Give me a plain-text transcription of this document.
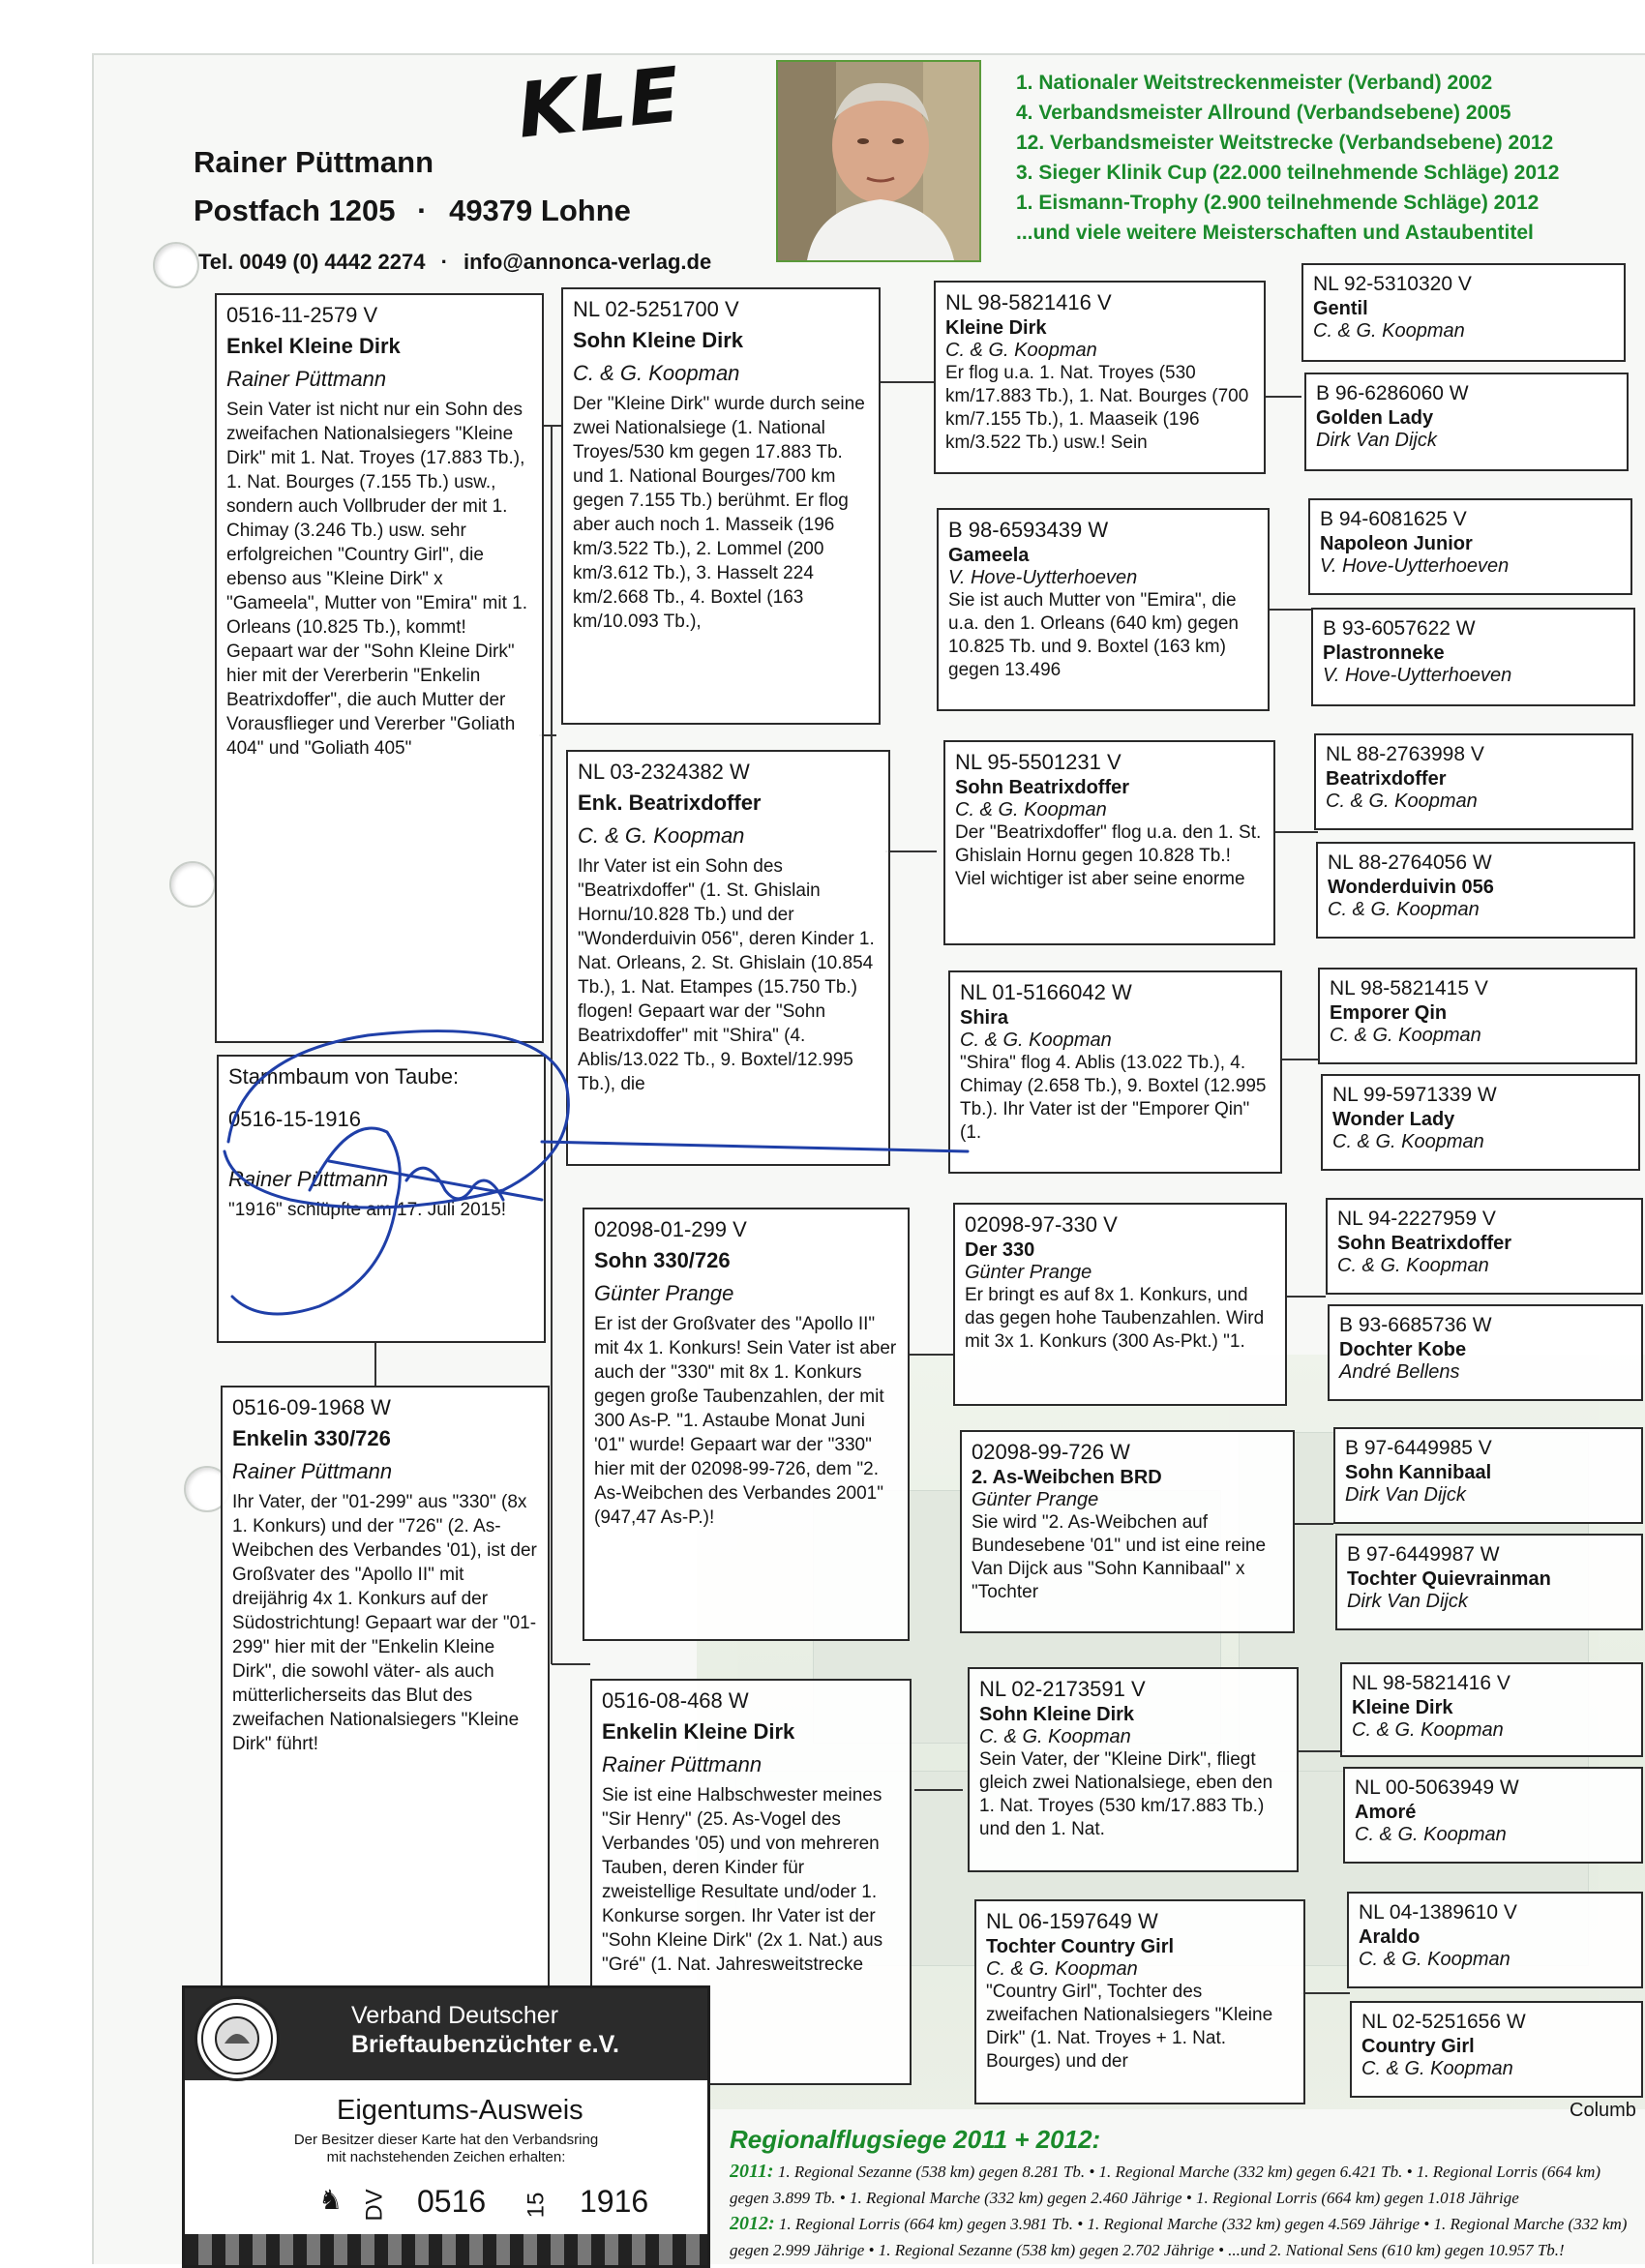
Rainer Püttmann
Postfach 1205 · 49379 Lohne
Tel. 0049 (0) 4442 2274 · info@annonca-verlag.de
KLE	1. Nationaler Weitstreckenmeister (Verband) 2002
4. Verbandsmeister Allround (Verbandsebene) 2005
12. Verbandsmeister Weitstrecke (Verbandsebene) 2012
3. Sieger Klinik Cup (22.000 teilnehmende Schläge) 2012
1. Eismann-Trophy (2.900 teilnehmende Schläge) 2012
...und viele weitere Meisterschaften und Astaubentitel
0516-11-2579 V
Enkel Kleine Dirk
Rainer Püttmann
Sein Vater ist nicht nur ein Sohn des zweifachen Nationalsiegers "Kleine Dirk" mit 1. Nat. Troyes (17.883 Tb.), 1. Nat. Bourges (7.155 Tb.) usw., sondern auch Vollbruder der mit 1. Chimay (3.246 Tb.) usw. sehr erfolgreichen "Country Girl", die ebenso aus "Kleine Dirk" x "Gameela", Mutter von "Emira" mit 1. Orleans (10.825 Tb.), kommt! Gepaart war der "Sohn Kleine Dirk" hier mit der Vererberin "Enkelin Beatrixdoffer", die auch Mutter der Vorausflieger und Vererber "Goliath 404" und "Goliath 405"
Stammbaum von Taube:
0516-15-1916
Rainer Püttmann
"1916" schlüpfte am 17. Juli 2015!
0516-09-1968 W
Enkelin 330/726
Rainer Püttmann
Ihr Vater, der "01-299" aus "330" (8x 1. Konkurs) und der "726" (2. As-Weibchen des Verbandes '01), ist der Großvater des "Apollo II" mit dreijährig 4x 1. Konkurs auf der Südostrichtung! Gepaart war der "01-299" hier mit der "Enkelin Kleine Dirk", die sowohl väter- als auch mütterlicherseits das Blut des zweifachen Nationalsiegers "Kleine Dirk" führt!
NL 02-5251700 V
Sohn Kleine Dirk
C. & G. Koopman
Der "Kleine Dirk" wurde durch seine zwei Nationalsiege (1. National Troyes/530 km gegen 17.883 Tb. und 1. National Bourges/700 km gegen 7.155 Tb.) berühmt. Er flog aber auch noch 1. Masseik (196 km/3.522 Tb.), 2. Lommel (200 km/3.612 Tb.), 3. Hasselt 224 km/2.668 Tb., 4. Boxtel (163 km/10.093 Tb.),
NL 03-2324382 W
Enk. Beatrixdoffer
C. & G. Koopman
Ihr Vater ist ein Sohn des "Beatrixdoffer" (1. St. Ghislain Hornu/10.828 Tb.) und der "Wonderduivin 056", deren Kinder 1. Nat. Orleans, 2. St. Ghislain (10.854 Tb.), 1. Nat. Etampes (15.750 Tb.) flogen! Gepaart war der "Sohn Beatrixdoffer" mit "Shira" (4. Ablis/13.022 Tb., 9. Boxtel/12.995 Tb.), die
02098-01-299 V
Sohn 330/726
Günter Prange
Er ist der Großvater des "Apollo II" mit 4x 1. Konkurs! Sein Vater ist aber auch der "330" mit 8x 1. Konkurs gegen große Taubenzahlen, der mit 300 As-P. "1. Astaube Monat Juni '01" wurde! Gepaart war der "330" hier mit der 02098-99-726, dem "2. As-Weibchen des Verbandes 2001" (947,47 As-P.)!
0516-08-468 W
Enkelin Kleine Dirk
Rainer Püttmann
Sie ist eine Halbschwester meines "Sir Henry" (25. As-Vogel des Verbandes '05) und von mehreren Tauben, deren Kinder für zweistellige Resultate und/oder 1. Konkurse sorgen. Ihr Vater ist der "Sohn Kleine Dirk" (2x 1. Nat.) aus "Gré" (1. Nat. Jahresweitstrecke
NL 98-5821416 V
Kleine Dirk
C. & G. Koopman
Er flog u.a. 1. Nat. Troyes (530 km/17.883 Tb.), 1. Nat. Bourges (700 km/7.155 Tb.), 1. Maaseik (196 km/3.522 Tb.) usw.! Sein
B 98-6593439 W
Gameela
V. Hove-Uytterhoeven
Sie ist auch Mutter von "Emira", die u.a. den 1. Orleans (640 km) gegen 10.825 Tb. und 9. Boxtel (163 km) gegen 13.496
NL 95-5501231 V
Sohn Beatrixdoffer
C. & G. Koopman
Der "Beatrixdoffer" flog u.a. den 1. St. Ghislain Hornu gegen 10.828 Tb.! Viel wichtiger ist aber seine enorme
NL 01-5166042 W
Shira
C. & G. Koopman
"Shira" flog 4. Ablis (13.022 Tb.), 4. Chimay (2.658 Tb.), 9. Boxtel (12.995 Tb.). Ihr Vater ist der "Emporer Qin" (1.
02098-97-330 V
Der 330
Günter Prange
Er bringt es auf 8x 1. Konkurs, und das gegen hohe Taubenzahlen. Wird mit 3x 1. Konkurs (300 As-Pkt.) "1.
02098-99-726 W
2. As-Weibchen BRD
Günter Prange
Sie wird "2. As-Weibchen auf Bundesebene '01" und ist eine reine Van Dijck aus "Sohn Kannibaal" x "Tochter
NL 02-2173591 V
Sohn Kleine Dirk
C. & G. Koopman
Sein Vater, der "Kleine Dirk", fliegt gleich zwei Nationalsiege, eben den 1. Nat. Troyes (530 km/17.883 Tb.) und den 1. Nat.
NL 06-1597649 W
Tochter Country Girl
C. & G. Koopman
"Country Girl", Tochter des zweifachen Nationalsiegers "Kleine Dirk" (1. Nat. Troyes + 1. Nat. Bourges) und der
NL 92-5310320 V
Gentil
C. & G. Koopman
B 96-6286060 W
Golden Lady
Dirk Van Dijck
B 94-6081625 V
Napoleon Junior
V. Hove-Uytterhoeven
B 93-6057622 W
Plastronneke
V. Hove-Uytterhoeven
NL 88-2763998 V
Beatrixdoffer
C. & G. Koopman
NL 88-2764056 W
Wonderduivin 056
C. & G. Koopman
NL 98-5821415 V
Emporer Qin
C. & G. Koopman
NL 99-5971339 W
Wonder Lady
C. & G. Koopman
NL 94-2227959 V
Sohn Beatrixdoffer
C. & G. Koopman
B 93-6685736 W
Dochter Kobe
André Bellens
B 97-6449985 V
Sohn Kannibaal
Dirk Van Dijck
B 97-6449987 W
Tochter Quievrainman
Dirk Van Dijck
NL 98-5821416 V
Kleine Dirk
C. & G. Koopman
NL 00-5063949 W
Amoré
C. & G. Koopman
NL 04-1389610 V
Araldo
C. & G. Koopman
NL 02-5251656 W
Country Girl
C. & G. Koopman
Verband Deutscher
Brieftaubenzüchter e.V.
Eigentums-Ausweis
Der Besitzer dieser Karte hat den Verbandsring
mit nachstehenden Zeichen erhalten:
♞ DV 0516 15 1916
Columb
Regionalflugsiege 2011 + 2012:
2011: 1. Regional Sezanne (538 km) gegen 8.281 Tb. • 1. Regional Marche (332 km) gegen 6.421 Tb. • 1. Regional Lorris (664 km)
gegen 3.899 Tb. • 1. Regional Marche (332 km) gegen 2.460 Jährige • 1. Regional Lorris (664 km) gegen 1.018 Jährige
2012: 1. Regional Lorris (664 km) gegen 3.981 Tb. • 1. Regional Marche (332 km) gegen 4.569 Jährige • 1. Regional Marche (332 km)
gegen 2.999 Jährige • 1. Regional Sezanne (538 km) gegen 2.702 Jährige • ...und 2. National Sens (610 km) gegen 10.957 Tb.!
